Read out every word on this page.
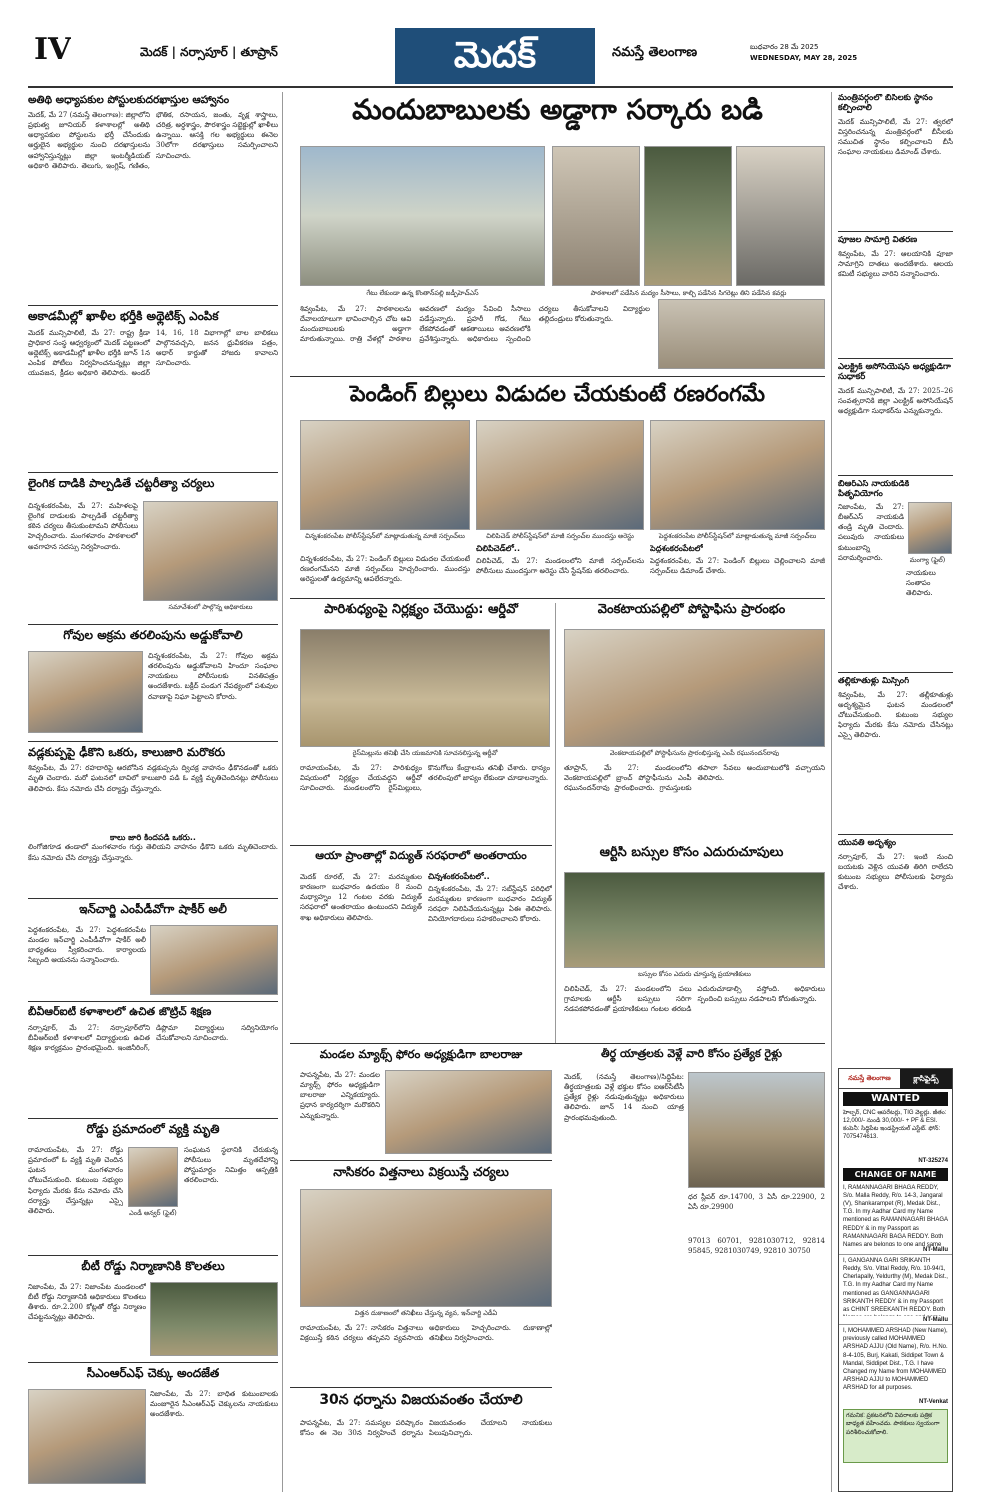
IV	మెదక్ | నర్సాపూర్ | తూప్రాన్	మెదక్	నమస్తే తెలంగాణ	బుధవారం 28 మే 2025
WEDNESDAY, MAY 28, 2025
అతిథి అధ్యాపకుల పోస్టులకుదరఖాస్తుల ఆహ్వానం
మెదక్, మే 27 (నమస్తే తెలంగాణ): జిల్లాలోని ప్రభుత్వ జూనియర్ కళాశాలల్లో అతిథి అధ్యాపకుల పోస్టులను భర్తీ చేసేందుకు అర్హులైన అభ్యర్థుల నుంచి దరఖాస్తులను ఆహ్వానిస్తున్నట్లు జిల్లా ఇంటర్మీడియట్ అధికారి తెలిపారు. తెలుగు, ఇంగ్లిష్, గణితం, భౌతిక, రసాయన, జంతు, వృక్ష శాస్త్రాలు, చరిత్ర, అర్థశాస్త్రం, పౌరశాస్త్రం సబ్జెక్టుల్లో ఖాళీలు ఉన్నాయి. ఆసక్తి గల అభ్యర్థులు ఈనెల 30లోగా దరఖాస్తులు సమర్పించాలని సూచించారు.
అకాడమీల్లో ఖాళీల భర్తీకి అథ్లెటిక్స్ ఎంపిక
మెదక్ మున్సిపాలిటీ, మే 27: రాష్ట్ర క్రీడా ప్రాధికార సంస్థ ఆధ్వర్యంలో మెదక్ పట్టణంలో అథ్లెటిక్స్ అకాడమీల్లో ఖాళీల భర్తీకి జూన్ 1న ఎంపిక పోటీలు నిర్వహించనున్నట్లు జిల్లా యువజన, క్రీడల అధికారి తెలిపారు. అండర్ 14, 16, 18 విభాగాల్లో బాల బాలికలు పాల్గొనవచ్చని, జనన ధ్రువీకరణ పత్రం, ఆధార్ కార్డుతో హాజరు కావాలని సూచించారు.
లైంగిక దాడికి పాల్పడితే చట్టరీత్యా చర్యలు
చిన్నశంకరంపేట, మే 27: మహిళలపై లైంగిక దాడులకు పాల్పడితే చట్టరీత్యా కఠిన చర్యలు తీసుకుంటామని పోలీసులు హెచ్చరించారు. మంగళవారం పాఠశాలలో అవగాహన సదస్సు నిర్వహించారు.
సమావేశంలో పాల్గొన్న అధికారులు
గోవుల అక్రమ తరలింపును అడ్డుకోవాలి
చిన్నశంకరంపేట, మే 27: గోవుల అక్రమ తరలింపును అడ్డుకోవాలని హిందూ సంఘాల నాయకులు పోలీసులకు వినతిపత్రం అందజేశారు. బక్రీద్ పండుగ నేపథ్యంలో పశువుల రవాణాపై నిఘా పెట్టాలని కోరారు.
వడ్లకుప్పపై ఢీకొని ఒకరు, కాలుజారి మరొకరు
శివ్వంపేట, మే 27: రహదారిపై ఆరబోసిన వడ్లకుప్పను ద్విచక్ర వాహనం ఢీకొనడంతో ఒకరు మృతి చెందారు. మరో ఘటనలో బావిలో కాలుజారి పడి ఓ వ్యక్తి మృతిచెందినట్లు పోలీసులు తెలిపారు. కేసు నమోదు చేసి దర్యాప్తు చేస్తున్నారు.
కాలు జారి కిందపడి ఒకరు..
లింగోజిగూడ తండాలో మంగళవారం గుర్తు తెలియని వాహనం ఢీకొని ఒకరు మృతిచెందారు. కేసు నమోదు చేసి దర్యాప్తు చేస్తున్నారు.
ఇన్‌చార్జి ఎంపీడీవోగా షాకీర్ అలీ
పెద్దశంకరంపేట, మే 27: పెద్దశంకరంపేట మండల ఇన్‌చార్జి ఎంపీడీవోగా షాకీర్ అలీ బాధ్యతలు స్వీకరించారు. కార్యాలయ సిబ్బంది ఆయనను సన్మానించారు.
బీవీఆర్‌ఐటీ కళాశాలలో ఉచిత జొట్రిచ్ శిక్షణ
నర్సాపూర్, మే 27: నర్సాపూర్‌లోని బీవీఆర్‌ఐటీ కళాశాలలో విద్యార్థులకు ఉచిత శిక్షణ కార్యక్రమం ప్రారంభమైంది. ఇంజినీరింగ్, డిప్లొమా విద్యార్థులు సద్వినియోగం చేసుకోవాలని సూచించారు.
రోడ్డు ప్రమాదంలో వ్యక్తి మృతి
రామాయంపేట, మే 27: రోడ్డు ప్రమాదంలో ఓ వ్యక్తి మృతి చెందిన ఘటన మంగళవారం చోటుచేసుకుంది. కుటుంబ సభ్యుల ఫిర్యాదు మేరకు కేసు నమోదు చేసి దర్యాప్తు చేస్తున్నట్లు ఎస్సై తెలిపారు.	ఎండీ అన్వర్ (ఫైల్)
సంఘటన స్థలానికి చేరుకున్న పోలీసులు మృతదేహాన్ని పోస్టుమార్టం నిమిత్తం ఆస్పత్రికి తరలించారు.
బీటీ రోడ్డు నిర్మాణానికి కొలతలు
నిజాంపేట, మే 27: నిజాంపేట మండలంలో బీటీ రోడ్డు నిర్మాణానికి అధికారులు కొలతలు తీశారు. రూ.2.200 కోట్లతో రోడ్డు నిర్మాణం చేపట్టనున్నట్లు తెలిపారు.
సీఎంఆర్‌ఎఫ్ చెక్కు అందజేత
నిజాంపేట, మే 27: బాధిత కుటుంబాలకు మంజూరైన సీఎంఆర్‌ఎఫ్ చెక్కులను నాయకులు అందజేశారు.
మందుబాబులకు అడ్డాగా సర్కారు బడి
గేటు లేకుండా ఉన్న కొంతాన్‌పల్లి జడ్పీహెచ్‌ఎస్	పాఠశాలలో పడేసిన మద్యం సీసాలు, కాల్చి పడేసిన సిగరెట్లు తిని పడేసిన కవర్లు
శివ్వంపేట, మే 27: పాఠశాలలను దేవాలయాలుగా భావించాల్సిన చోట అవి మందుబాబులకు అడ్డాగా మారుతున్నాయి. రాత్రి వేళల్లో పాఠశాల ఆవరణలో మద్యం సేవించి సీసాలు పడేస్తున్నారు. ప్రహరీ గోడ, గేటు లేకపోవడంతో ఆకతాయిలు ఆవరణలోకి ప్రవేశిస్తున్నారు. అధికారులు స్పందించి చర్యలు తీసుకోవాలని విద్యార్థుల తల్లిదండ్రులు కోరుతున్నారు.
పెండింగ్ బిల్లులు విడుదల చేయకుంటే రణరంగమే
చిన్నశంకరంపేట పోలీస్‌స్టేషన్‌లో మాట్లాడుతున్న మాజీ సర్పంచ్‌లు	చిలిపిచెడ్ పోలీస్‌స్టేషన్‌లో మాజీ సర్పంచ్‌ల ముందస్తు అరెస్టు	పెద్దశంకరంపేట పోలీస్‌స్టేషన్‌లో మాట్లాడుతున్న మాజీ సర్పంచ్‌లు
చిన్నశంకరంపేట, మే 27: పెండింగ్ బిల్లులు విడుదల చేయకుంటే రణరంగమేనని మాజీ సర్పంచ్‌లు హెచ్చరించారు. ముందస్తు అరెస్టులతో ఉద్యమాన్ని ఆపలేరన్నారు.
చిలిపిచెడ్‌లో..
చిలిపిచెడ్, మే 27: మండలంలోని మాజీ సర్పంచ్‌లను పోలీసులు ముందస్తుగా అరెస్టు చేసి స్టేషన్‌కు తరలించారు.
పెద్దశంకరంపేటలో
పెద్దశంకరంపేట, మే 27: పెండింగ్ బిల్లులు చెల్లించాలని మాజీ సర్పంచ్‌లు డిమాండ్ చేశారు.
పారిశుధ్యంపై నిర్లక్ష్యం చేయొద్దు: ఆర్డీవో
రైస్‌మిల్లును తనిఖీ చేసి యజమానికి సూచనలిస్తున్న ఆర్డీవో
రామాయంపేట, మే 27: పారిశుధ్యం విషయంలో నిర్లక్ష్యం చేయవద్దని ఆర్డీవో సూచించారు. మండలంలోని రైస్‌మిల్లులు, కొనుగోలు కేంద్రాలను తనిఖీ చేశారు. ధాన్యం తరలింపులో జాప్యం లేకుండా చూడాలన్నారు.
వెంకటాయపల్లిలో పోస్టాఫీసు ప్రారంభం
వెంకటాయపల్లిలో పోస్టాఫీసును ప్రారంభిస్తున్న ఎంపీ రఘునందన్‌రావు
తూప్రాన్, మే 27: మండలంలోని వెంకటాయపల్లిలో బ్రాంచ్ పోస్టాఫీసును ఎంపీ రఘునందన్‌రావు ప్రారంభించారు. గ్రామస్తులకు తపాలా సేవలు అందుబాటులోకి వచ్చాయని తెలిపారు.
ఆయా ప్రాంతాల్లో విద్యుత్ సరఫరాలో అంతరాయం
మెదక్ రూరల్, మే 27: మరమ్మతుల కారణంగా బుధవారం ఉదయం 8 నుంచి మధ్యాహ్నం 12 గంటల వరకు విద్యుత్ సరఫరాలో అంతరాయం ఉంటుందని విద్యుత్ శాఖ అధికారులు తెలిపారు.
చిన్నశంకరంపేటలో..
చిన్నశంకరంపేట, మే 27: సబ్‌స్టేషన్ పరిధిలో మరమ్మతుల కారణంగా బుధవారం విద్యుత్ సరఫరా నిలిపివేయనున్నట్లు ఏఈ తెలిపారు. వినియోగదారులు సహకరించాలని కోరారు.
ఆర్టీసీ బస్సుల కోసం ఎదురుచూపులు
బస్సుల కోసం ఎదురు చూస్తున్న ప్రయాణికులు
చిలిపిచెడ్, మే 27: మండలంలోని పలు గ్రామాలకు ఆర్టీసీ బస్సులు సరిగా నడపకపోవడంతో ప్రయాణికులు గంటల తరబడి ఎదురుచూడాల్సి వస్తోంది. అధికారులు స్పందించి బస్సులు నడపాలని కోరుతున్నారు.
మండల మ్యాథ్స్ ఫోరం అధ్యక్షుడిగా బాలరాజు
పాపన్నపేట, మే 27: మండల మ్యాథ్స్ ఫోరం అధ్యక్షుడిగా బాలరాజు ఎన్నికయ్యారు. ప్రధాన కార్యదర్శిగా మరొకరిని ఎన్నుకున్నారు.
తీర్థ యాత్రలకు వెళ్లే వారి కోసం ప్రత్యేక రైళ్లు
మెదక్, (నమస్తే తెలంగాణ)/సిద్దిపేట: తీర్థయాత్రలకు వెళ్లే భక్తుల కోసం ఐఆర్‌సీటీసీ ప్రత్యేక రైళ్లు నడుపుతున్నట్లు అధికారులు తెలిపారు. జూన్ 14 నుంచి యాత్ర ప్రారంభమవుతుంది.
ధర స్లీపర్ రూ.14700, 3 ఏసీ రూ.22900, 2 ఏసీ రూ.29900
97013 60701, 9281030712, 92814 95845, 9281030749, 92810 30750
నాసికరం విత్తనాలు విక్రయిస్తే చర్యలు
విత్తన దుకాణంలో తనిఖీలు చేస్తున్న వ్యవ, ఇన్‌చార్జి ఎడీఏ
రామాయంపేట, మే 27: నాసికరం విత్తనాలు విక్రయిస్తే కఠిన చర్యలు తప్పవని వ్యవసాయ అధికారులు హెచ్చరించారు. దుకాణాల్లో తనిఖీలు నిర్వహించారు.
30న ధర్నాను విజయవంతం చేయాలి
పాపన్నపేట, మే 27: సమస్యల పరిష్కారం కోసం ఈ నెల 30న నిర్వహించే ధర్నాను విజయవంతం చేయాలని నాయకులు పిలుపునిచ్చారు.
మంత్రివర్గంలో బీసీలకు స్థానం కల్పించాలి
మెదక్ మున్సిపాలిటీ, మే 27: త్వరలో విస్తరించనున్న మంత్రివర్గంలో బీసీలకు సముచిత స్థానం కల్పించాలని బీసీ సంఘాల నాయకులు డిమాండ్ చేశారు.
పూజల సామాగ్రి వితరణ
శివ్వంపేట, మే 27: ఆలయానికి పూజా సామాగ్రిని దాతలు అందజేశారు. ఆలయ కమిటీ సభ్యులు వారిని సన్మానించారు.
ఎలక్ట్రిక్ అసోసియేషన్ అధ్యక్షుడిగా సుధాకర్
మెదక్ మున్సిపాలిటీ, మే 27: 2025–26 సంవత్సరానికి జిల్లా ఎలక్ట్రిక్ అసోసియేషన్ అధ్యక్షుడిగా సుధాకర్‌ను ఎన్నుకున్నారు.
బీఆర్‌ఎస్ నాయకుడికి పితృవియోగం
మంగ్యా (ఫైల్)
నిజాంపేట, మే 27: బీఆర్‌ఎస్ నాయకుడి తండ్రి మృతి చెందారు. పలువురు నాయకులు కుటుంబాన్ని పరామర్శించారు.
నాయకులు సంతాపం తెలిపారు.
తల్లీకూతుళ్లు మిస్సింగ్
శివ్వంపేట, మే 27: తల్లీకూతుళ్లు అదృశ్యమైన ఘటన మండలంలో చోటుచేసుకుంది. కుటుంబ సభ్యుల ఫిర్యాదు మేరకు కేసు నమోదు చేసినట్లు ఎస్సై తెలిపారు.
యువతి అదృశ్యం
నర్సాపూర్, మే 27: ఇంటి నుంచి బయటకు వెళ్లిన యువతి తిరిగి రాలేదని కుటుంబ సభ్యులు పోలీసులకు ఫిర్యాదు చేశారు.
నమస్తే తెలంగాణ	క్లాసిఫైడ్స్
WANTED
హెల్పర్, CNC ఆపరేటర్లు, TIG వెల్డర్లు. జీతం: 12,000/- నుండి 30,000/- + PF & ESI. కంపెనీ: సిద్ధిపేట ఇండస్ట్రియల్ ఎస్టేట్. ఫోన్: 7075474613.
NT-325274
CHANGE OF NAME
I, RAMANNAGARI BHAGA REDDY, S/o. Malla Reddy, R/o. 14-3, Jangaral (V), Shankarampet (R), Medak Dist., T.G. In my Aadhar Card my Name mentioned as RAMANNAGARI BHAGA REDDY & in my Passport as RAMANNAGARI BAGA REDDY. Both Names are belongs to one and same
NT-Mallu
I, GANGANNA GARI SRIKANTH Reddy, S/o. Vittal Reddy, R/o. 10-94/1, Cherlapally, Yeldurthy (M), Medak Dist., T.G. In my Aadhar Card my Name mentioned as GANGANNAGARI SRIKANTH REDDY & in my Passport as CHINT SREEKANTH REDDY. Both
NT-Mallu
I, MOHAMMED ARSHAD (New Name), previously called MOHAMMED ARSHAD AJJU (Old Name), R/o. H.No. 8-4-105, Burj, Kakati, Siddipet Town & Mandal, Siddipet Dist., T.G. I have Changed my Name from MOHAMMED ARSHAD AJJU to MOHAMMED ARSHAD for all purposes.
NT-Venkat
గమనిక: ప్రకటనలోని వివరాలకు పత్రిక బాధ్యత వహించదు. పాఠకులు స్వయంగా పరిశీలించుకోవాలి.
